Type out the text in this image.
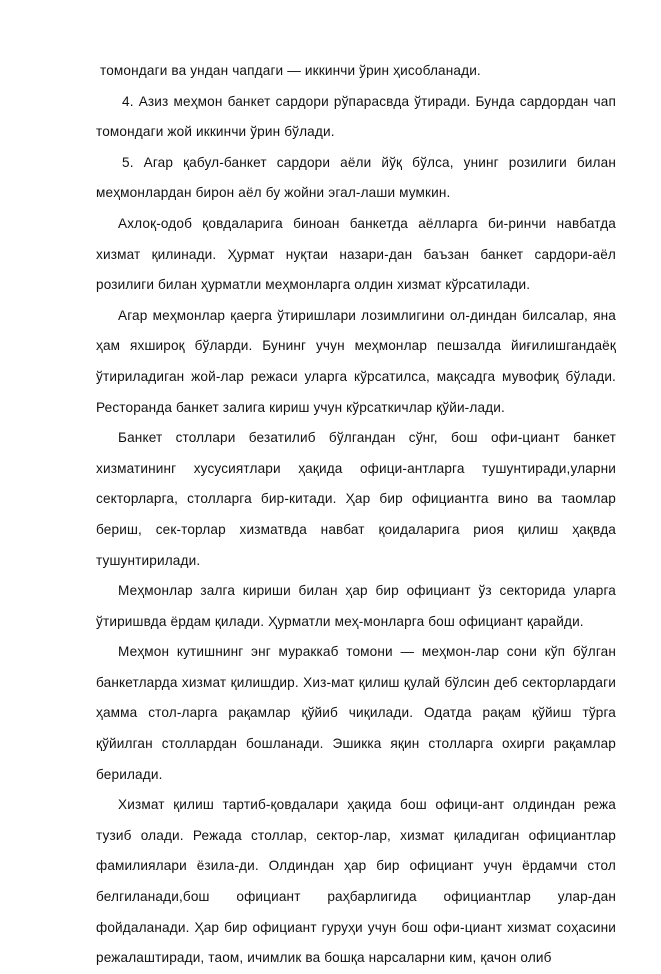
томондаги ва ундан чапдаги — иккинчи ўрин ҳисобланади.

4. Азиз меҳмон банкет сардори рўпарасвда ўтиради. Бунда сардордан чап томондаги жой иккинчи ўрин бўлади.

5. Агар қабул-банкет сардори аёли йўқ бўлса, унинг розилиги билан меҳмонлардан бирон аёл бу жойни эгал-лаши мумкин.

Ахлоқ-одоб қовдаларига биноан банкетда аёлларга би-ринчи навбатда хизмат қилинади. Ҳурмат нуқтаи назари-дан баъзан банкет сардори-аёл розилиги билан ҳурматли меҳмонларга олдин хизмат кўрсатилади.

Агар меҳмонлар қаерга ўтиришлари лозимлигини ол-диндан билсалар, яна ҳам яхшироқ бўларди. Бунинг учун меҳмонлар пешзалда йиғилишгандаёқ ўтириладиган жой-лар режаси уларга кўрсатилса, мақсадга мувофиқ бўлади. Ресторанда банкет залига кириш учун кўрсаткичлар қўйи-лади.

Банкет столлари безатилиб бўлгандан сўнг, бош офи-циант банкет хизматининг хусусиятлари ҳақида офици-антларга тушунтиради,уларни секторларга, столларга бир-китади. Ҳар бир официантга вино ва таомлар бериш, сек-торлар хизматвда навбат қоидаларига риоя қилиш ҳақвда тушунтирилади.

Меҳмонлар залга кириши билан ҳар бир официант ўз секторида уларга ўтиришвда ёрдам қилади. Ҳурматли меҳ-монларга бош официант қарайди.

Меҳмон кутишнинг энг мураккаб томони — меҳмон-лар сони кўп бўлган банкетларда хизмат қилишдир. Хиз-мат қилиш қулай бўлсин деб секторлардаги ҳамма стол-ларга рақамлар қўйиб чиқилади. Одатда рақам қўйиш тўрга қўйилган столлардан бошланади. Эшикка яқин столларга охирги рақамлар берилади.

Хизмат қилиш тартиб-қовдалари ҳақида бош офици-ант олдиндан режа тузиб олади. Режада столлар, сектор-лар, хизмат қиладиган официантлар фамилиялари ёзила-ди. Олдиндан ҳар бир официант учун ёрдамчи стол белгиланади,бош официант раҳбарлигида официантлар улар-дан фойдаланади. Ҳар бир официант гуруҳи учун бош офи-циант хизмат соҳасини режалаштиради, таом, ичимлик ва бошқа нарсаларни ким, қачон олиб
